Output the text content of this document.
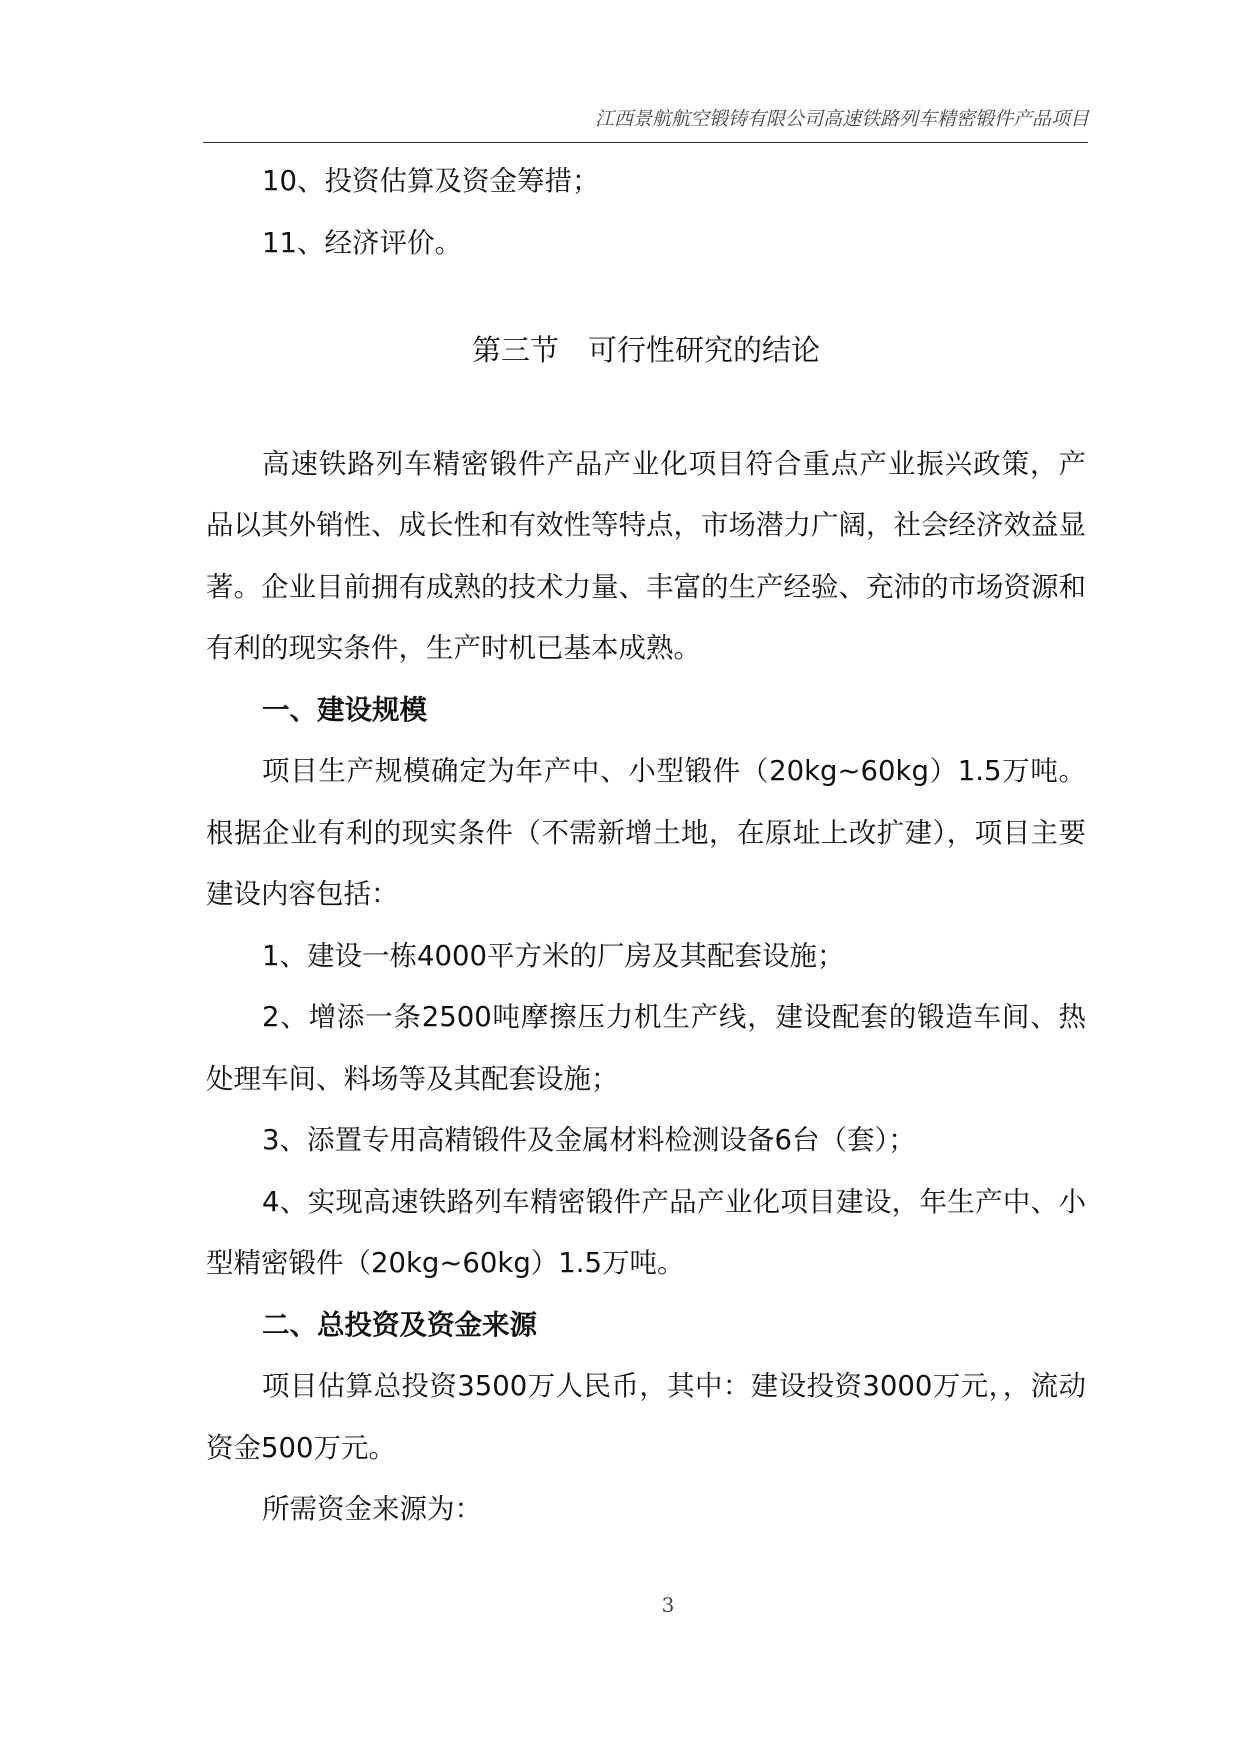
江西景航航空锻铸有限公司高速铁路列车精密锻件产品项目

10、投资估算及资金筹措；

11、经济评价。

第三节　可行性研究的结论

高速铁路列车精密锻件产品产业化项目符合重点产业振兴政策，产品以其外销性、成长性和有效性等特点，市场潜力广阔，社会经济效益显著。企业目前拥有成熟的技术力量、丰富的生产经验、充沛的市场资源和有利的现实条件，生产时机已基本成熟。

一、建设规模

项目生产规模确定为年产中、小型锻件（20kg~60kg）1.5万吨。根据企业有利的现实条件（不需新增土地，在原址上改扩建），项目主要建设内容包括：

1、建设一栋4000平方米的厂房及其配套设施；

2、增添一条2500吨摩擦压力机生产线，建设配套的锻造车间、热处理车间、料场等及其配套设施；

3、添置专用高精锻件及金属材料检测设备6台（套）；

4、实现高速铁路列车精密锻件产品产业化项目建设，年生产中、小型精密锻件（20kg~60kg）1.5万吨。

二、总投资及资金来源

项目估算总投资3500万人民币，其中：建设投资3000万元，，流动资金500万元。

所需资金来源为：

3
